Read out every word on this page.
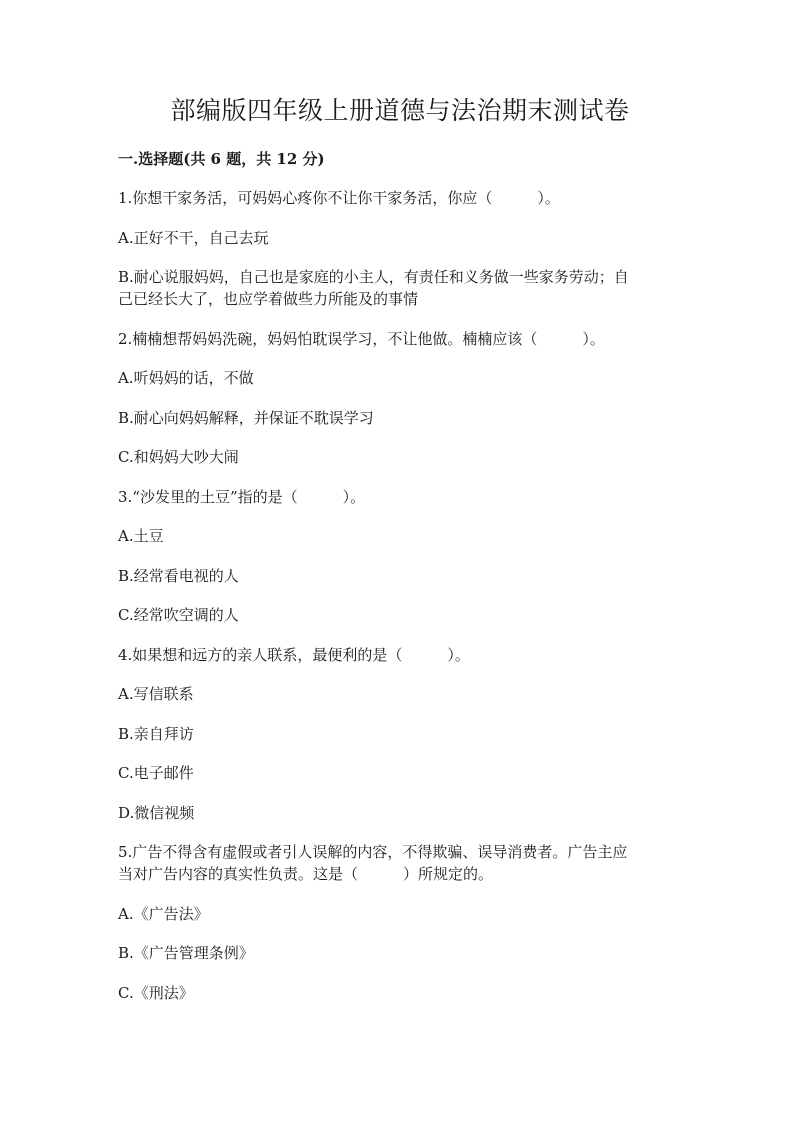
部编版四年级上册道德与法治期末测试卷
一.选择题(共 6 题，共 12 分)
1.你想干家务活，可妈妈心疼你不让你干家务活，你应（　　　）。
A.正好不干，自己去玩
B.耐心说服妈妈，自己也是家庭的小主人，有责任和义务做一些家务劳动；自
己已经长大了，也应学着做些力所能及的事情
2.楠楠想帮妈妈洗碗，妈妈怕耽误学习，不让他做。楠楠应该（　　　）。
A.听妈妈的话，不做
B.耐心向妈妈解释，并保证不耽误学习
C.和妈妈大吵大闹
3.“沙发里的土豆”指的是（　　　）。
A.土豆
B.经常看电视的人
C.经常吹空调的人
4.如果想和远方的亲人联系，最便利的是（　　　）。
A.写信联系
B.亲自拜访
C.电子邮件
D.微信视频
5.广告不得含有虚假或者引人误解的内容，不得欺骗、误导消费者。广告主应
当对广告内容的真实性负责。这是（　　　）所规定的。
A.《广告法》
B.《广告管理条例》
C.《刑法》
